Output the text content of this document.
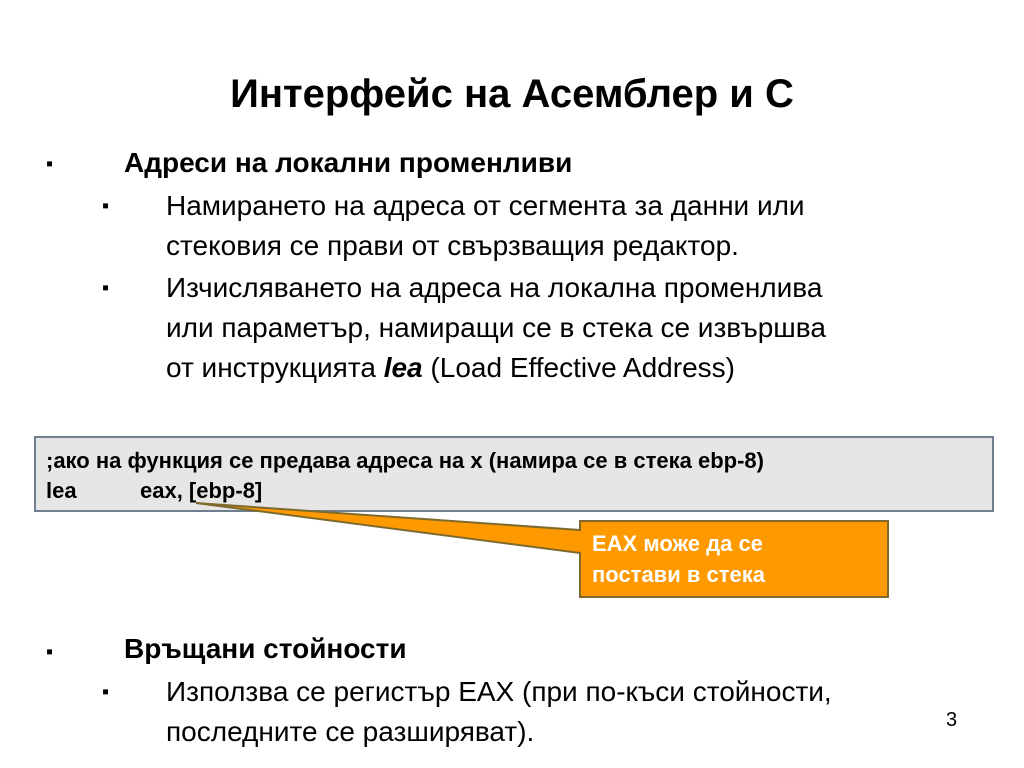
Интерфейс на Асемблер и С
▪	Адреси на локални променливи
▪ Намирането на адреса от сегмента за данни или
стековия се прави от свързващия редактор.
▪ Изчисляването на адреса на локална променлива
или параметър, намиращи се в стека се извършва
от инструкцията lea (Load Effective Address)
;ако на функция се предава адреса на x (намира се в стека ebp-8)
lea	eax, [ebp-8]
EAX може да се
постави в стека
▪	Връщани стойности
▪ Използва се регистър EAX (при по-къси стойности,
последните се разширяват).	3
